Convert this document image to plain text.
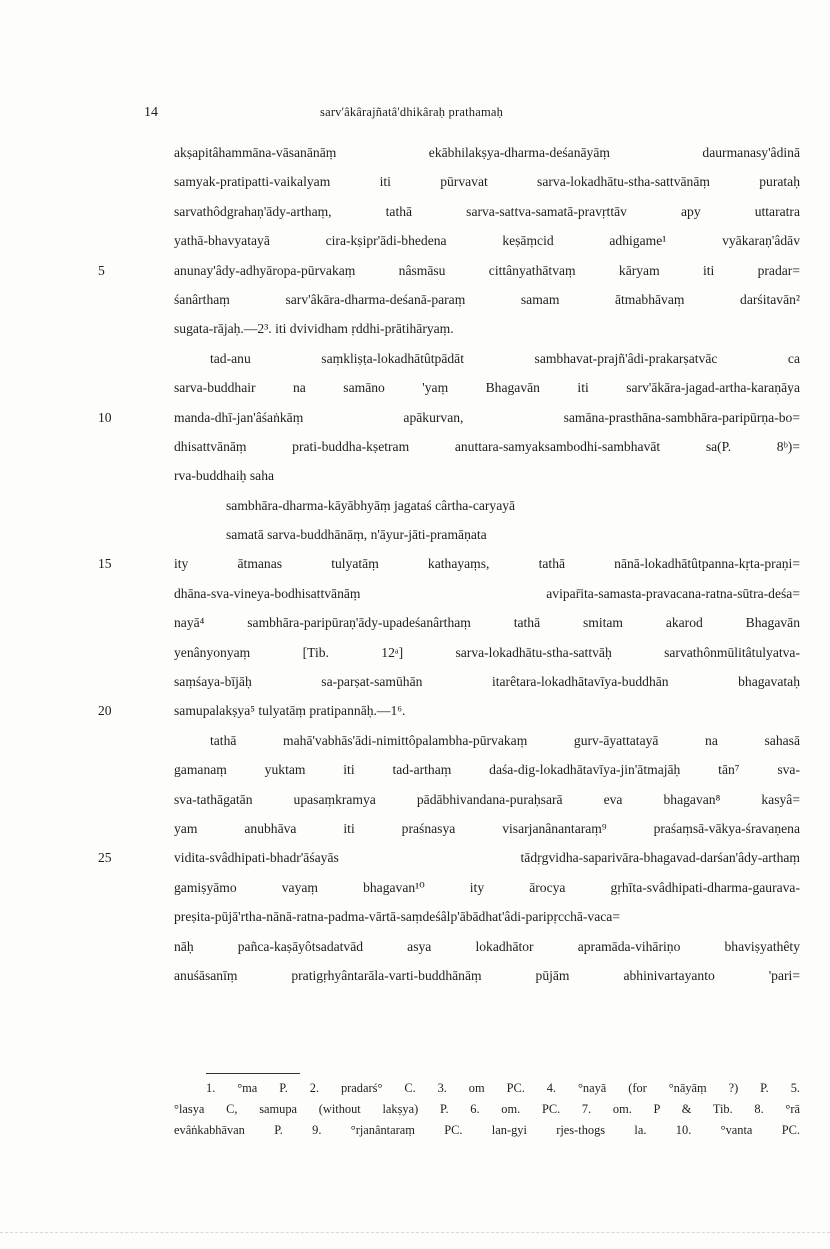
14	sarv'âkârajñatâ'dhikâraḥ prathamaḥ
akṣapitâhammāna-vāsanānāṃ ekābhilakṣya-dharma-deśanāyāṃ daurmanasy'âdinā
samyak-pratipatti-vaikalyam iti pūrvavat sarva-lokadhātu-stha-sattvānāṃ purataḥ
sarvathôdgrahaṇ'ādy-arthaṃ, tathā sarva-sattva-samatā-pravṛttāv apy uttaratra
yathā-bhavyatayā cira-kṣipr'ādi-bhedena keṣāṃcid adhigame¹ vyākaraṇ'âdāv
5	anunay'âdy-adhyāropa-pūrvakaṃ nâsmāsu cittânyathātvaṃ kāryam iti pradar=
śanârthaṃ sarv'âkāra-dharma-deśanā-paraṃ samam ātmabhāvaṃ darśitavān²
sugata-rājaḥ.—2³. iti dvividham ṛddhi-prātihāryaṃ.
tad-anu saṃkliṣṭa-lokadhātûtpādāt sambhavat-prajñ'âdi-prakarṣatvāc ca
sarva-buddhair na samāno 'yaṃ Bhagavān iti sarv'ākāra-jagad-artha-karaṇāya
10	manda-dhī-jan'âśaṅkāṃ apākurvan, samāna-prasthāna-sambhāra-paripūrṇa-bo=
dhisattvānāṃ prati-buddha-kṣetram anuttara-samyaksambodhi-sambhavāt sa(P. 8ᵇ)=
rva-buddhaiḥ saha
sambhāra-dharma-kāyābhyāṃ jagataś cârtha-caryayā
samatā sarva-buddhānāṃ, n'āyur-jāti-pramāṇata
15	ity ātmanas tulyatāṃ kathayaṃs, tathā nānā-lokadhātûtpanna-kṛta-praṇi=
dhāna-sva-vineya-bodhisattvānāṃ avipar̄ita-samasta-pravacana-ratna-sūtra-deśa=
nayā⁴ sambhāra-paripūraṇ'ādy-upadeśanârthaṃ tathā smitam akarod Bhagavān
yenânyonyaṃ [Tib. 12ᵃ] sarva-lokadhātu-stha-sattvāḥ sarvathônmūlitâtulyatva-
saṃśaya-bījāḥ sa-parṣat-samūhān itarêtara-lokadhātavīya-buddhān bhagavataḥ
20	samupalakṣya⁵ tulyatāṃ pratipannāḥ.—1⁶.
tathā mahā'vabhās'ādi-nimittôpalambha-pūrvakaṃ gurv-āyattatayā na sahasā
gamanaṃ yuktam iti tad-arthaṃ daśa-dig-lokadhātavīya-jin'ātmajāḥ tān⁷ sva-
sva-tathāgatān upasaṃkramya pādābhivandana-puraḥsarā eva bhagavan⁸ kasyâ=
yam anubhāva iti praśnasya visarjanânantaraṃ⁹ praśaṃsā-vākya-śravaṇena
25	vidita-svâdhipati-bhadr'āśayās tādṛgvidha-saparivāra-bhagavad-darśan'âdy-arthaṃ
gamiṣyāmo vayaṃ bhagavan¹⁰ ity ārocya gṛhīta-svâdhipati-dharma-gaurava-
preṣita-pūjā'rtha-nānā-ratna-padma-vārtā-saṃdeśâlp'ābādhat'âdi-paripṛcchā-vaca=
nāḥ pañca-kaṣāyôtsadatvād asya lokadhātor apramāda-vihāriṇo bhaviṣyathêty
anuśāsanīṃ pratigṛhyântarāla-varti-buddhānāṃ pūjām abhinivartayanto 'pari=
1. °ma P. 2. pradarś° C. 3. om PC. 4. °nayā (for °nāyāṃ ?) P. 5.
°lasya C, samupa (without lakṣya) P. 6. om. PC. 7. om. P & Tib. 8. °rā
evâṅkabhāvan P. 9. °rjanântaraṃ PC. lan-gyi rjes-thogs la. 10. °vanta PC.
